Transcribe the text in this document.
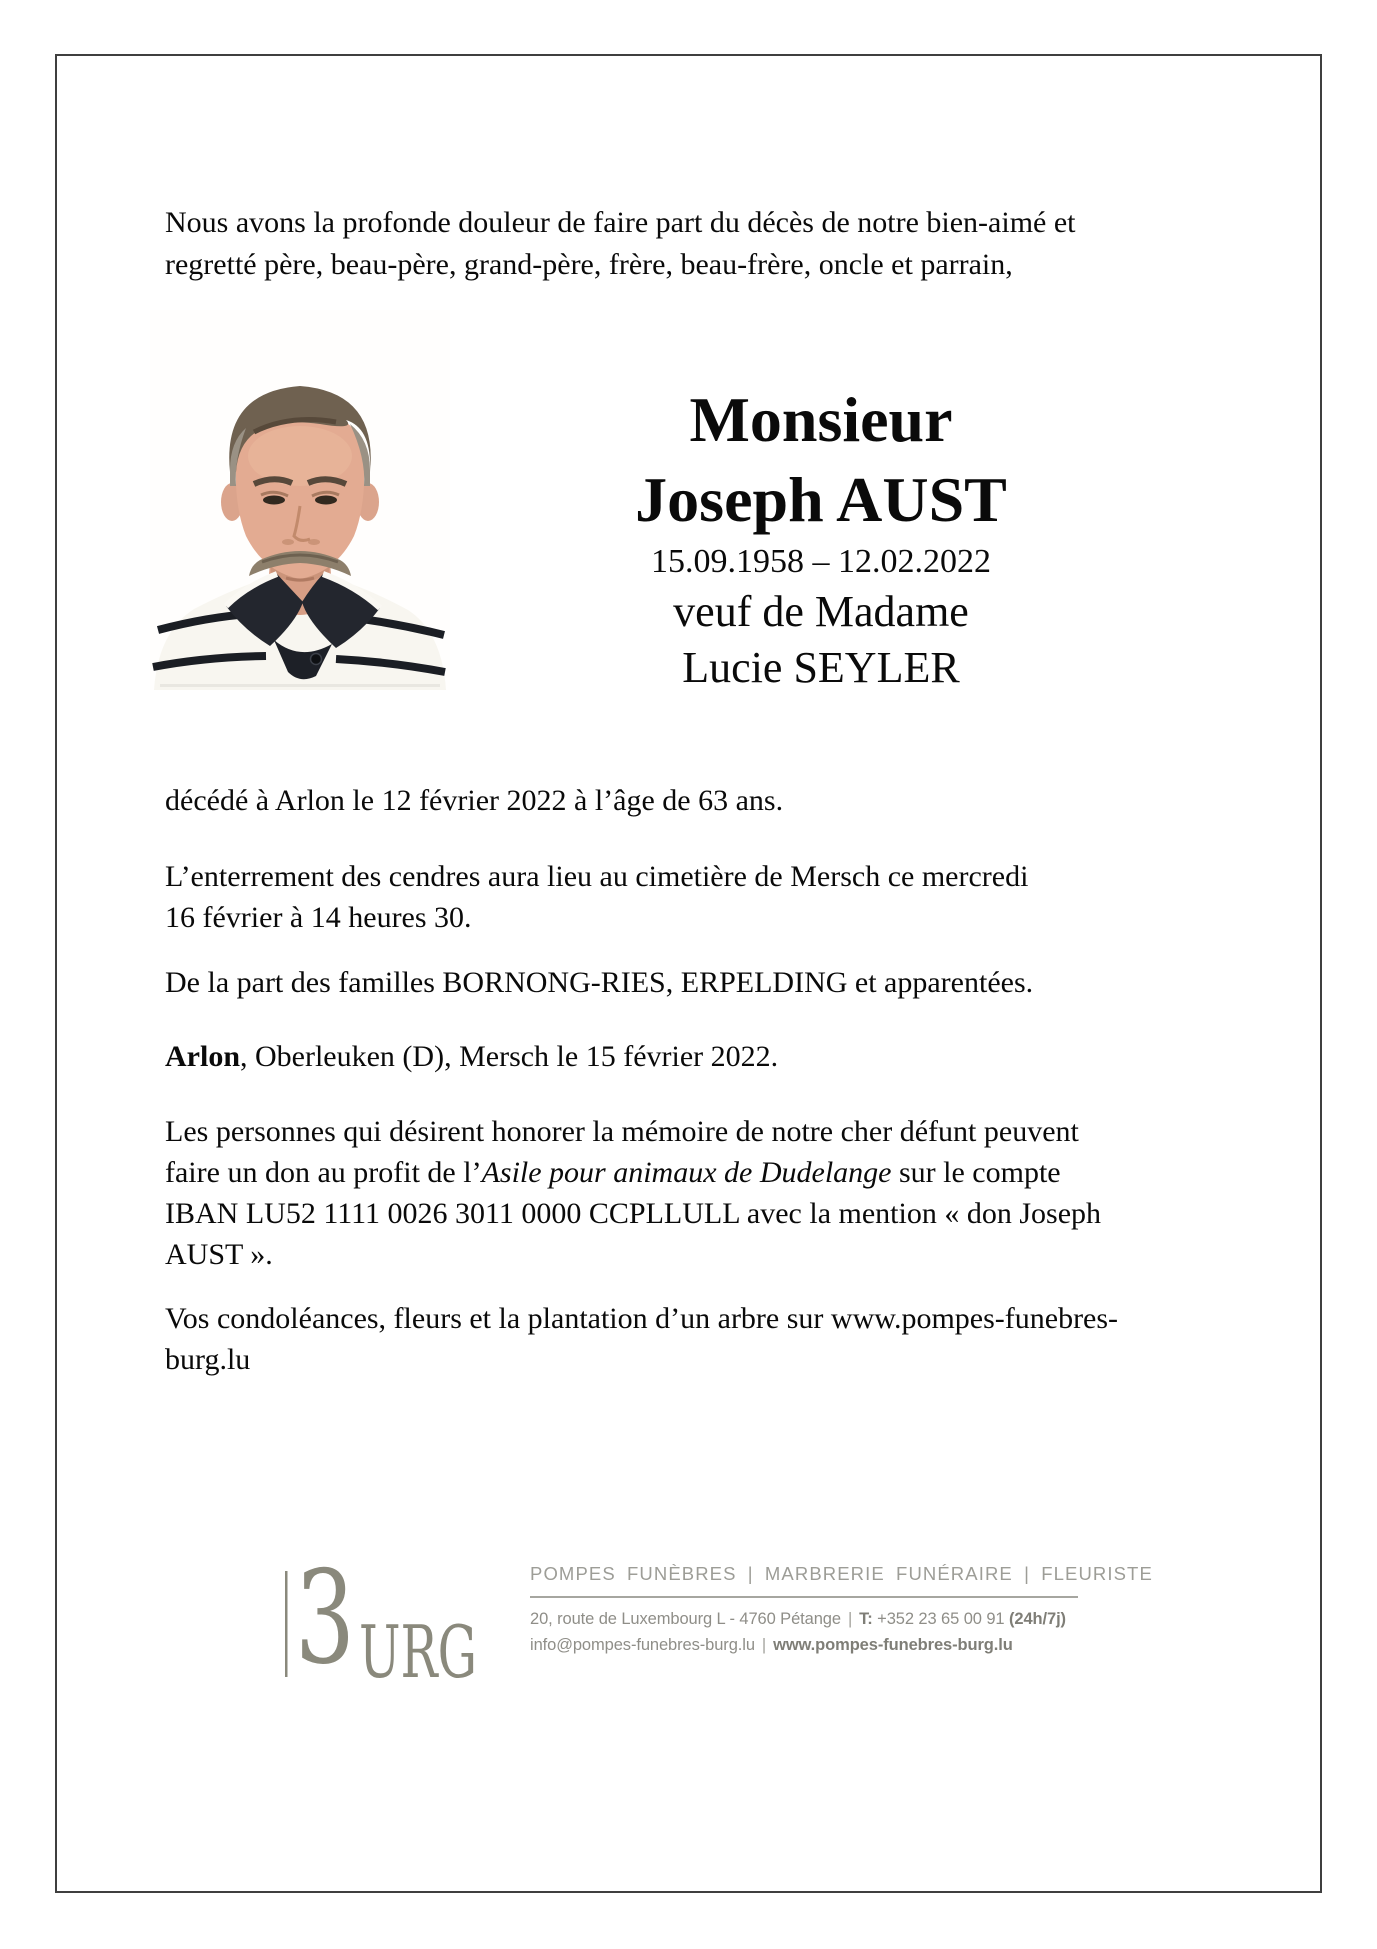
Nous avons la profonde douleur de faire part du décès de notre bien-aimé et
regretté père, beau-père, grand-père, frère, beau-frère, oncle et parrain,
Monsieur
Joseph AUST
15.09.1958 – 12.02.2022
veuf de Madame
Lucie SEYLER
décédé à Arlon le 12 février 2022 à l’âge de 63 ans.
L’enterrement des cendres aura lieu au cimetière de Mersch ce mercredi
16 février à 14 heures 30.
De la part des familles BORNONG-RIES, ERPELDING et apparentées.
Arlon, Oberleuken (D), Mersch le 15 février 2022.
Les personnes qui désirent honorer la mémoire de notre cher défunt peuvent
faire un don au profit de l’Asile pour animaux de Dudelange sur le compte
IBAN LU52 1111 0026 3011 0000 CCPLLULL avec la mention « don Joseph
AUST ».
Vos condoléances, fleurs et la plantation d’un arbre sur www.pompes-funebres-
burg.lu
3 URG
POMPES FUNÈBRES | MARBRERIE FUNÉRAIRE | FLEURISTE
20, route de Luxembourg L - 4760 Pétange | T: +352 23 65 00 91 (24h/7j)
info@pompes-funebres-burg.lu | www.pompes-funebres-burg.lu
